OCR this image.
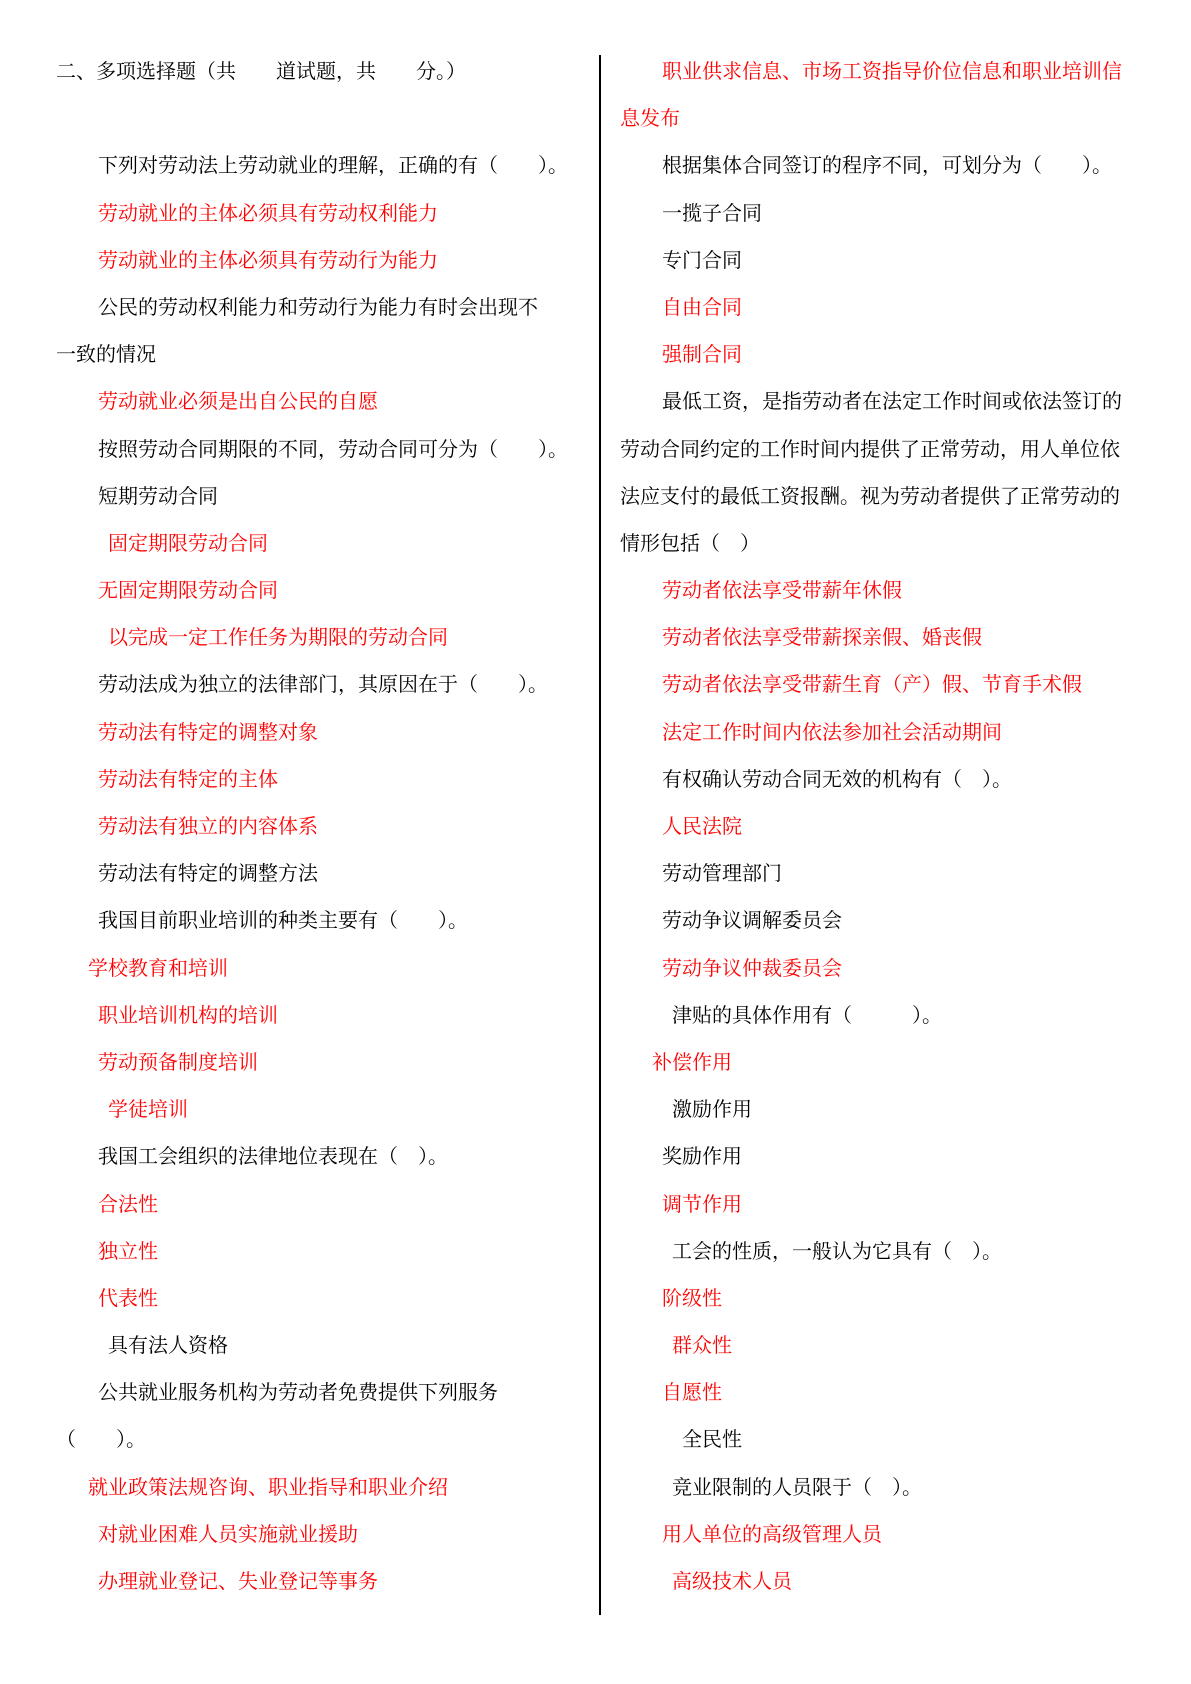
二、多项选择题（共　　道试题，共　　分。）
下列对劳动法上劳动就业的理解，正确的有（　　）。
劳动就业的主体必须具有劳动权利能力
劳动就业的主体必须具有劳动行为能力
公民的劳动权利能力和劳动行为能力有时会出现不
一致的情况
劳动就业必须是出自公民的自愿
按照劳动合同期限的不同，劳动合同可分为（　　）。
短期劳动合同
固定期限劳动合同
无固定期限劳动合同
以完成一定工作任务为期限的劳动合同
劳动法成为独立的法律部门，其原因在于（　　）。
劳动法有特定的调整对象
劳动法有特定的主体
劳动法有独立的内容体系
劳动法有特定的调整方法
我国目前职业培训的种类主要有（　　）。
学校教育和培训
职业培训机构的培训
劳动预备制度培训
学徒培训
我国工会组织的法律地位表现在（　）。
合法性
独立性
代表性
具有法人资格
公共就业服务机构为劳动者免费提供下列服务
（　　）。
就业政策法规咨询、职业指导和职业介绍
对就业困难人员实施就业援助
办理就业登记、失业登记等事务
职业供求信息、市场工资指导价位信息和职业培训信
息发布
根据集体合同签订的程序不同，可划分为（　　）。
一揽子合同
专门合同
自由合同
强制合同
最低工资，是指劳动者在法定工作时间或依法签订的
劳动合同约定的工作时间内提供了正常劳动，用人单位依
法应支付的最低工资报酬。视为劳动者提供了正常劳动的
情形包括（　）
劳动者依法享受带薪年休假
劳动者依法享受带薪探亲假、婚丧假
劳动者依法享受带薪生育（产）假、节育手术假
法定工作时间内依法参加社会活动期间
有权确认劳动合同无效的机构有（　）。
人民法院
劳动管理部门
劳动争议调解委员会
劳动争议仲裁委员会
津贴的具体作用有（　　　）。
补偿作用
激励作用
奖励作用
调节作用
工会的性质，一般认为它具有（　）。
阶级性
群众性
自愿性
全民性
竞业限制的人员限于（　）。
用人单位的高级管理人员
高级技术人员
